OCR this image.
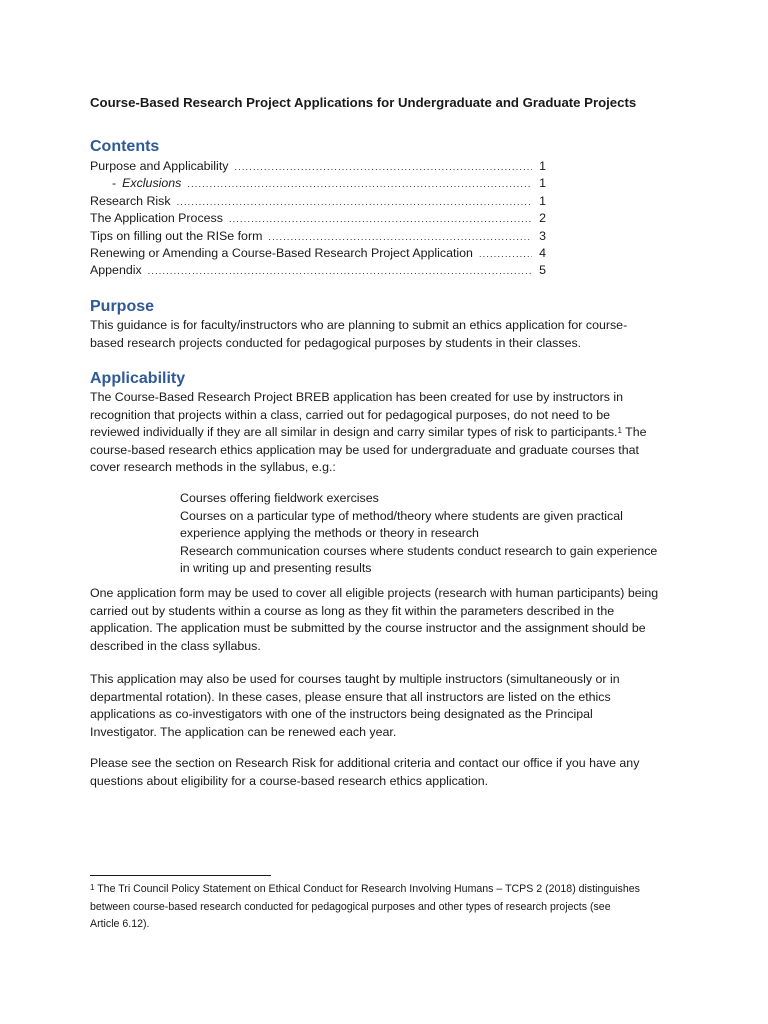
Course-Based Research Project Applications for Undergraduate and Graduate Projects
Contents
Purpose and Applicability .....	1
- Exclusions .....	1
Research Risk .....	1
The Application Process .....	2
Tips on filling out the RISe form .....	3
Renewing or Amending a Course-Based Research Project Application .....	4
Appendix .....	5
Purpose
This guidance is for faculty/instructors who are planning to submit an ethics application for course-
based research projects conducted for pedagogical purposes by students in their classes.
Applicability
The Course-Based Research Project BREB application has been created for use by instructors in
recognition that projects within a class, carried out for pedagogical purposes, do not need to be
reviewed individually if they are all similar in design and carry similar types of risk to participants.$^1$ The
course-based research ethics application may be used for undergraduate and graduate courses that
cover research methods in the syllabus, e.g.:
Courses offering fieldwork exercises
Courses on a particular type of method/theory where students are given practical
experience applying the methods or theory in research
Research communication courses where students conduct research to gain experience
in writing up and presenting results
One application form may be used to cover all eligible projects (research with human participants) being
carried out by students within a course as long as they fit within the parameters described in the
application. The application must be submitted by the course instructor and the assignment should be
described in the class syllabus.
This application may also be used for courses taught by multiple instructors (simultaneously or in
departmental rotation). In these cases, please ensure that all instructors are listed on the ethics
applications as co-investigators with one of the instructors being designated as the Principal
Investigator. The application can be renewed each year.
Please see the section on Research Risk for additional criteria and contact our office if you have any
questions about eligibility for a course-based research ethics application.
$^1$ The Tri Council Policy Statement on Ethical Conduct for Research Involving Humans – TCPS 2 (2018) distinguishes
between course-based research conducted for pedagogical purposes and other types of research projects (see
Article 6.12).
